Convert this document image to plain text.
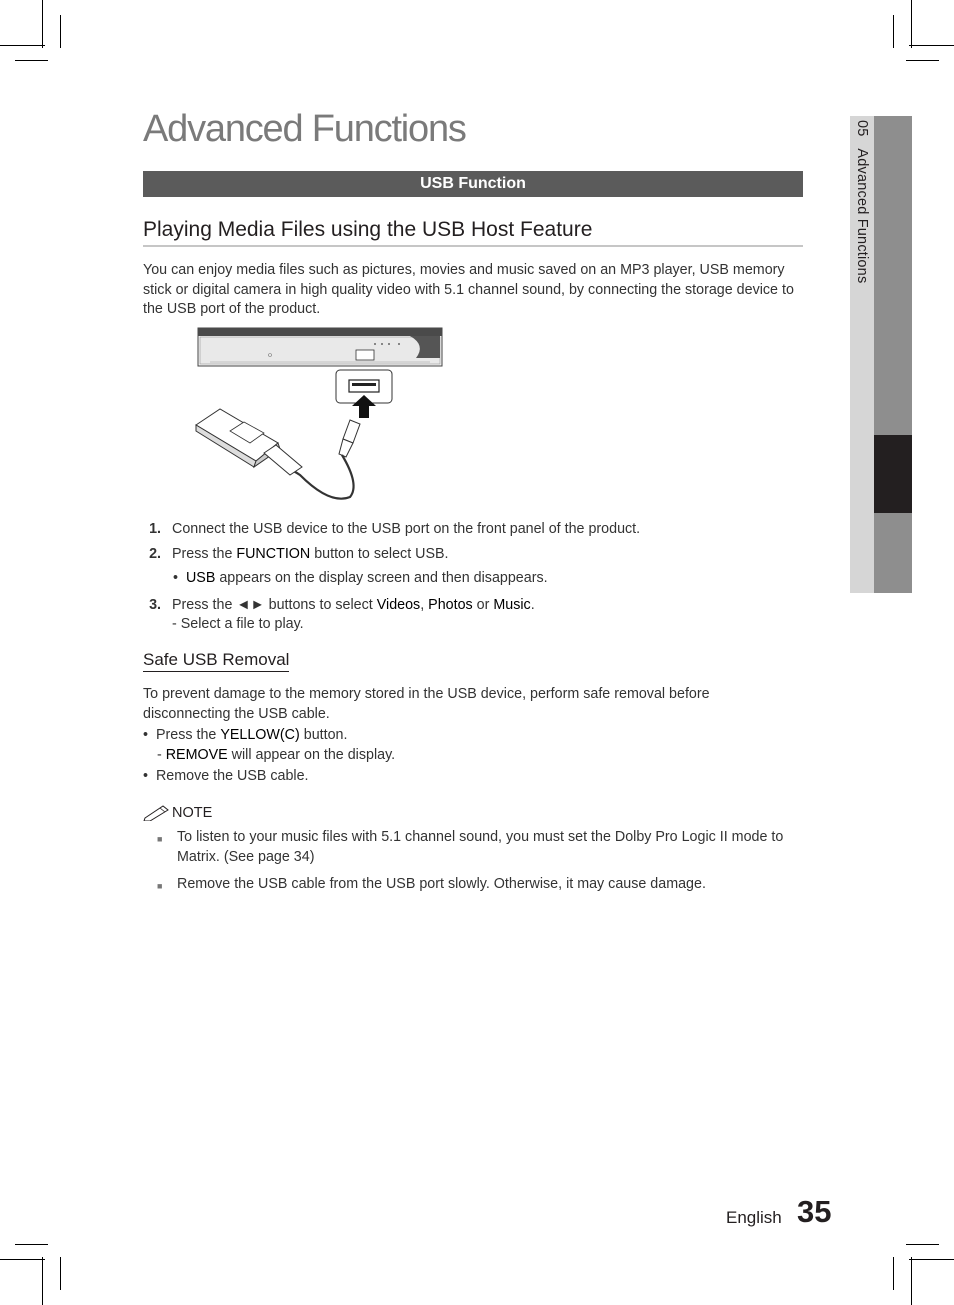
Advanced Functions
USB Function
Playing Media Files using the USB Host Feature

You can enjoy media files such as pictures, movies and music saved on an MP3 player, USB memory stick or digital camera in high quality video with 5.1 channel sound, by connecting the storage device to the USB port of the product.

1. Connect the USB device to the USB port on the front panel of the product.
2. Press the FUNCTION button to select USB.
•  USB appears on the display screen and then disappears.
3. Press the ◄► buttons to select Videos, Photos or Music.
- Select a file to play.
Safe USB Removal

To prevent damage to the memory stored in the USB device, perform safe removal before disconnecting the USB cable.

•  Press the YELLOW(C) button.
- REMOVE will appear on the display.
•  Remove the USB cable.
NOTE
■	To listen to your music files with 5.1 channel sound, you must set the Dolby Pro Logic II mode to Matrix. (See page 34)
■	Remove the USB cable from the USB port slowly. Otherwise, it may cause damage.
05   Advanced Functions
English 35
